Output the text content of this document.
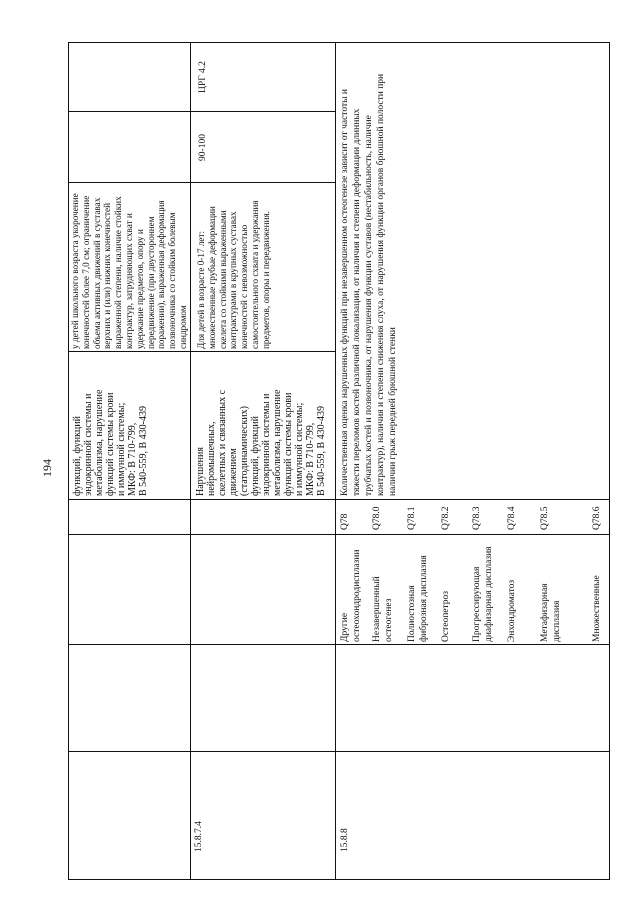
194 функций, функций эндокринной системы и метаболизма, нарушение функций системы крови и иммунной системы; МКФ: В 710-799, В 540-559, В 430-439
у детей школьного возраста укорочение конечностей более 7,0 см; ограничение объема активных движений в суставах верхних и (или) нижних конечностей выраженной степени, наличие стойких контрактур, затрудняющих схват и удержание предметов, опору и передвижение (при двустороннем поражении), выраженная деформация позвоночника со стойким болевым синдромом
15.8.7.4
Нарушения нейромышечных, скелетных и связанных с движением (статодинамических) функций, функций эндокринной системы и метаболизма, нарушение функций системы крови и иммунной системы; МКФ: В 710-799, В 540-559, В 430-439
Для детей в возрасте 0-17 лет: множественные грубые деформации скелета со стойкими выраженными контрактурами в крупных суставах конечностей с невозможностью самостоятельного схвата и удержания предметов, опоры и передвижения.
90-100
ЦРГ 4.2
15.8.8
Другие остеохондродисплазии
Q78
Незавершенный остеогенез
Q78.0
Полиостозная фиброзная дисплазия
Q78.1
Остеопетроз
Q78.2
Прогрессирующая диафизарная дисплазия
Q78.3
Энхондроматоз
Q78.4
Метафизарная дисплазия
Q78.5
Множественные
Q78.6
Количественная оценка нарушенных функций при незавершенном остеогенезе зависит от частоты и тяжести переломов костей различной локализации, от наличия и степени деформации длинных трубчатых костей и позвоночника, от нарушения функции суставов (нестабильность, наличие контрактур), наличия и степени снижения слуха, от нарушения функции органов брюшной полости при наличии грыж передней брюшной стенки
